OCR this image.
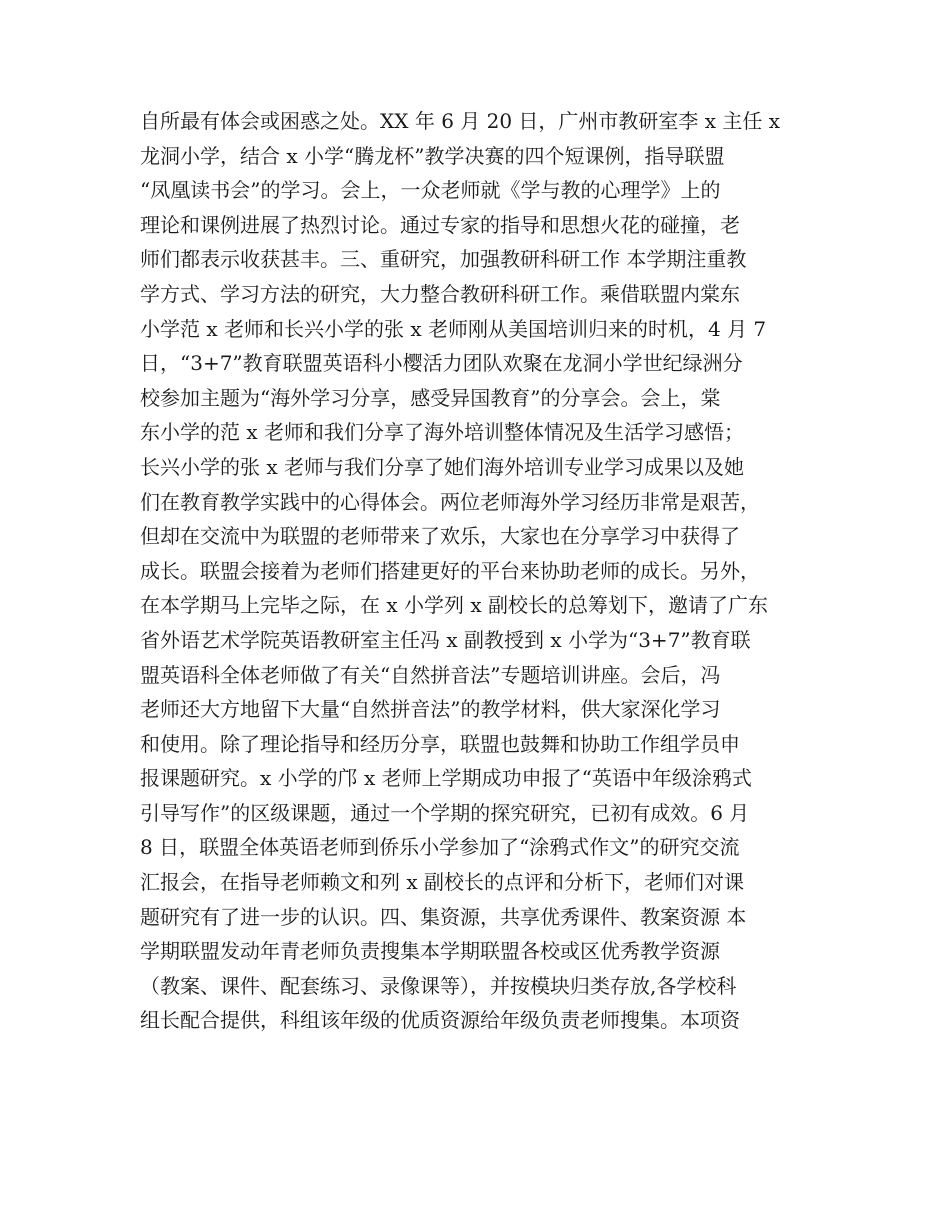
自所最有体会或困惑之处。XX 年 6 月 20 日，广州市教研室李 x 主任 x
龙洞小学，结合 x 小学“腾龙杯”教学决赛的四个短课例，指导联盟
“凤凰读书会”的学习。会上，一众老师就《学与教的心理学》上的
理论和课例进展了热烈讨论。通过专家的指导和思想火花的碰撞，老
师们都表示收获甚丰。三、重研究，加强教研科研工作 本学期注重教
学方式、学习方法的研究，大力整合教研科研工作。乘借联盟内棠东
小学范 x 老师和长兴小学的张 x 老师刚从美国培训归来的时机，4 月 7
日，“3+7”教育联盟英语科小樱活力团队欢聚在龙洞小学世纪绿洲分
校参加主题为“海外学习分享，感受异国教育”的分享会。会上，棠
东小学的范 x 老师和我们分享了海外培训整体情况及生活学习感悟；
长兴小学的张 x 老师与我们分享了她们海外培训专业学习成果以及她
们在教育教学实践中的心得体会。两位老师海外学习经历非常是艰苦，
但却在交流中为联盟的老师带来了欢乐，大家也在分享学习中获得了
成长。联盟会接着为老师们搭建更好的平台来协助老师的成长。另外，
在本学期马上完毕之际，在 x 小学列 x 副校长的总筹划下，邀请了广东
省外语艺术学院英语教研室主任冯 x 副教授到 x 小学为“3+7”教育联
盟英语科全体老师做了有关“自然拼音法”专题培训讲座。会后，冯
老师还大方地留下大量“自然拼音法”的教学材料，供大家深化学习
和使用。除了理论指导和经历分享，联盟也鼓舞和协助工作组学员申
报课题研究。x 小学的邝 x 老师上学期成功申报了“英语中年级涂鸦式
引导写作”的区级课题，通过一个学期的探究研究，已初有成效。6 月
8 日，联盟全体英语老师到侨乐小学参加了“涂鸦式作文”的研究交流
汇报会，在指导老师赖文和列 x 副校长的点评和分析下，老师们对课
题研究有了进一步的认识。四、集资源，共享优秀课件、教案资源 本
学期联盟发动年青老师负责搜集本学期联盟各校或区优秀教学资源
（教案、课件、配套练习、录像课等），并按模块归类存放,各学校科
组长配合提供，科组该年级的优质资源给年级负责老师搜集。本项资
